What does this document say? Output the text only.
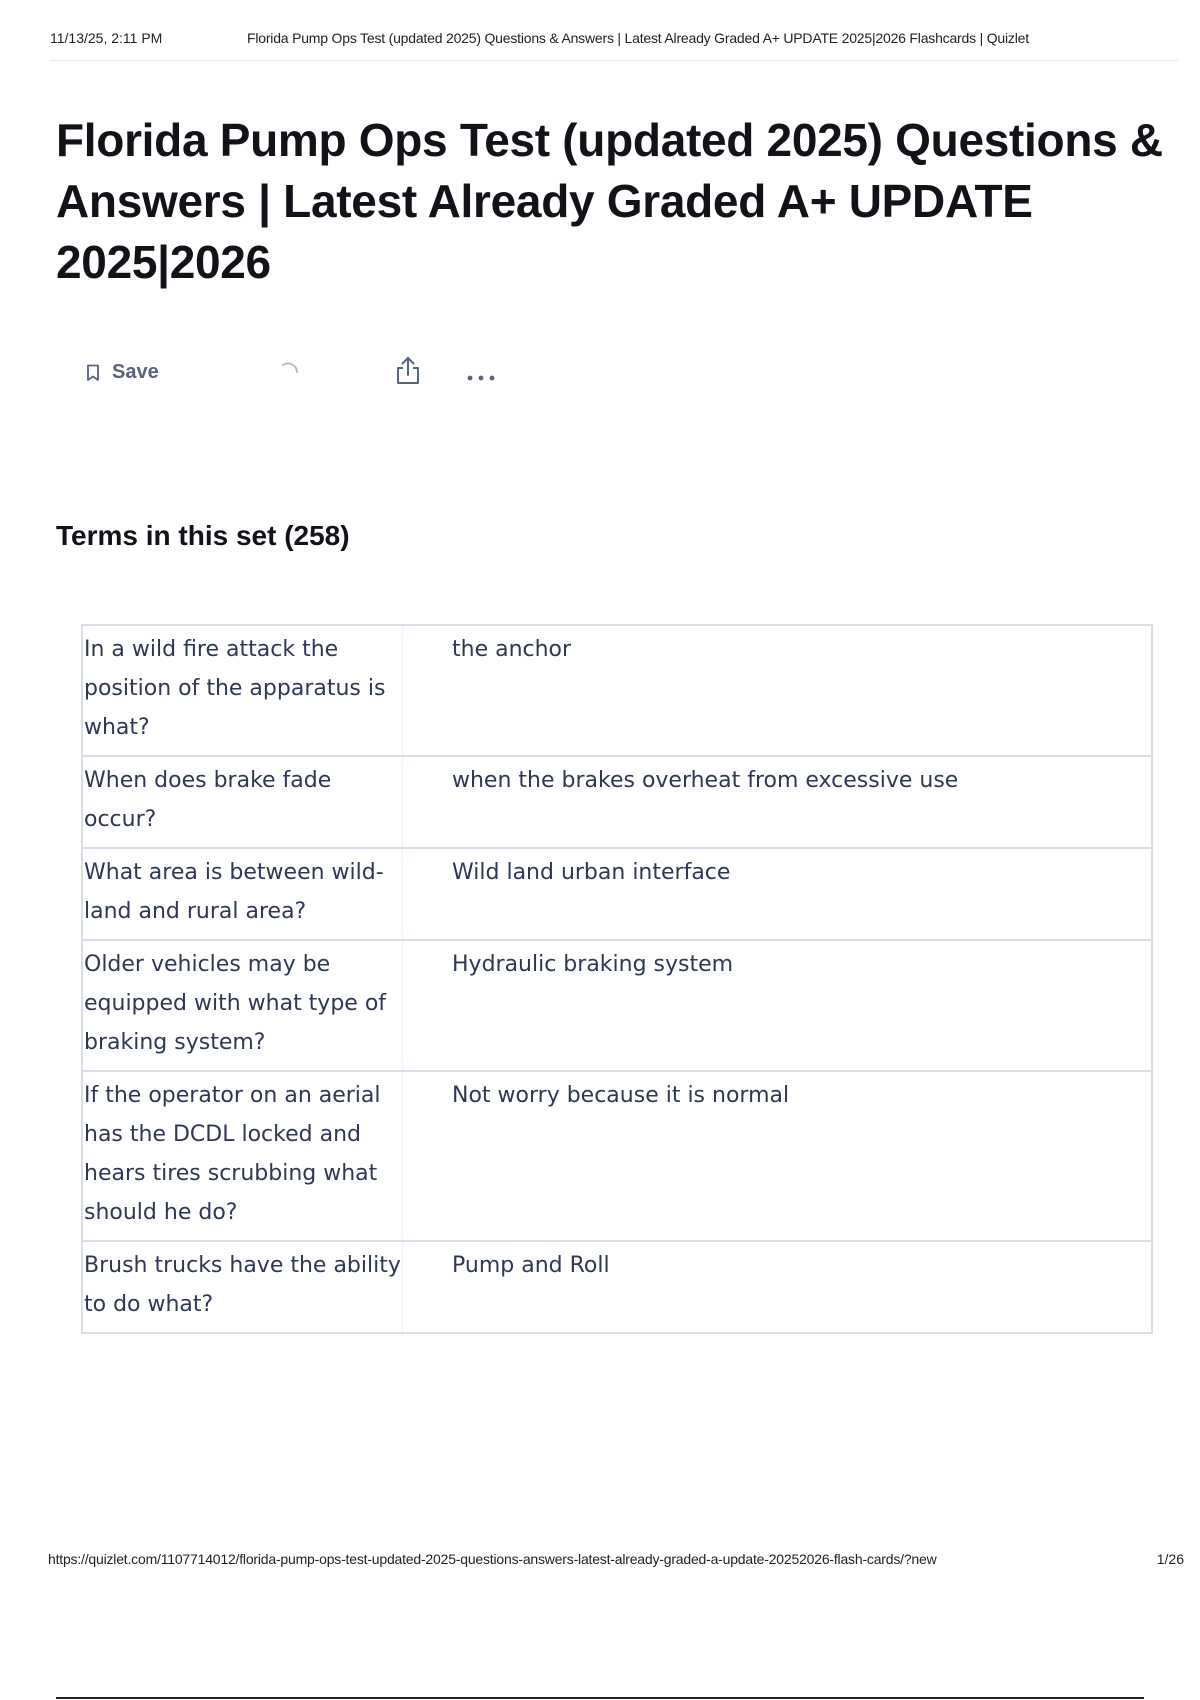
11/13/25, 2:11 PM	Florida Pump Ops Test (updated 2025) Questions & Answers | Latest Already Graded A+ UPDATE 2025|2026 Flashcards | Quizlet
Florida Pump Ops Test (updated 2025) Questions & Answers | Latest Already Graded A+ UPDATE 2025|2026
Save
Terms in this set (258)
In a wild fire attack the position of the apparatus is what?
the anchor
When does brake fade occur?
when the brakes overheat from excessive use
What area is between wild-land and rural area?
Wild land urban interface
Older vehicles may be equipped with what type of braking system?
Hydraulic braking system
If the operator on an aerial has the DCDL locked and hears tires scrubbing what should he do?
Not worry because it is normal
Brush trucks have the ability to do what?
Pump and Roll
https://quizlet.com/1107714012/florida-pump-ops-test-updated-2025-questions-answers-latest-already-graded-a-update-20252026-flash-cards/?new	1/26
